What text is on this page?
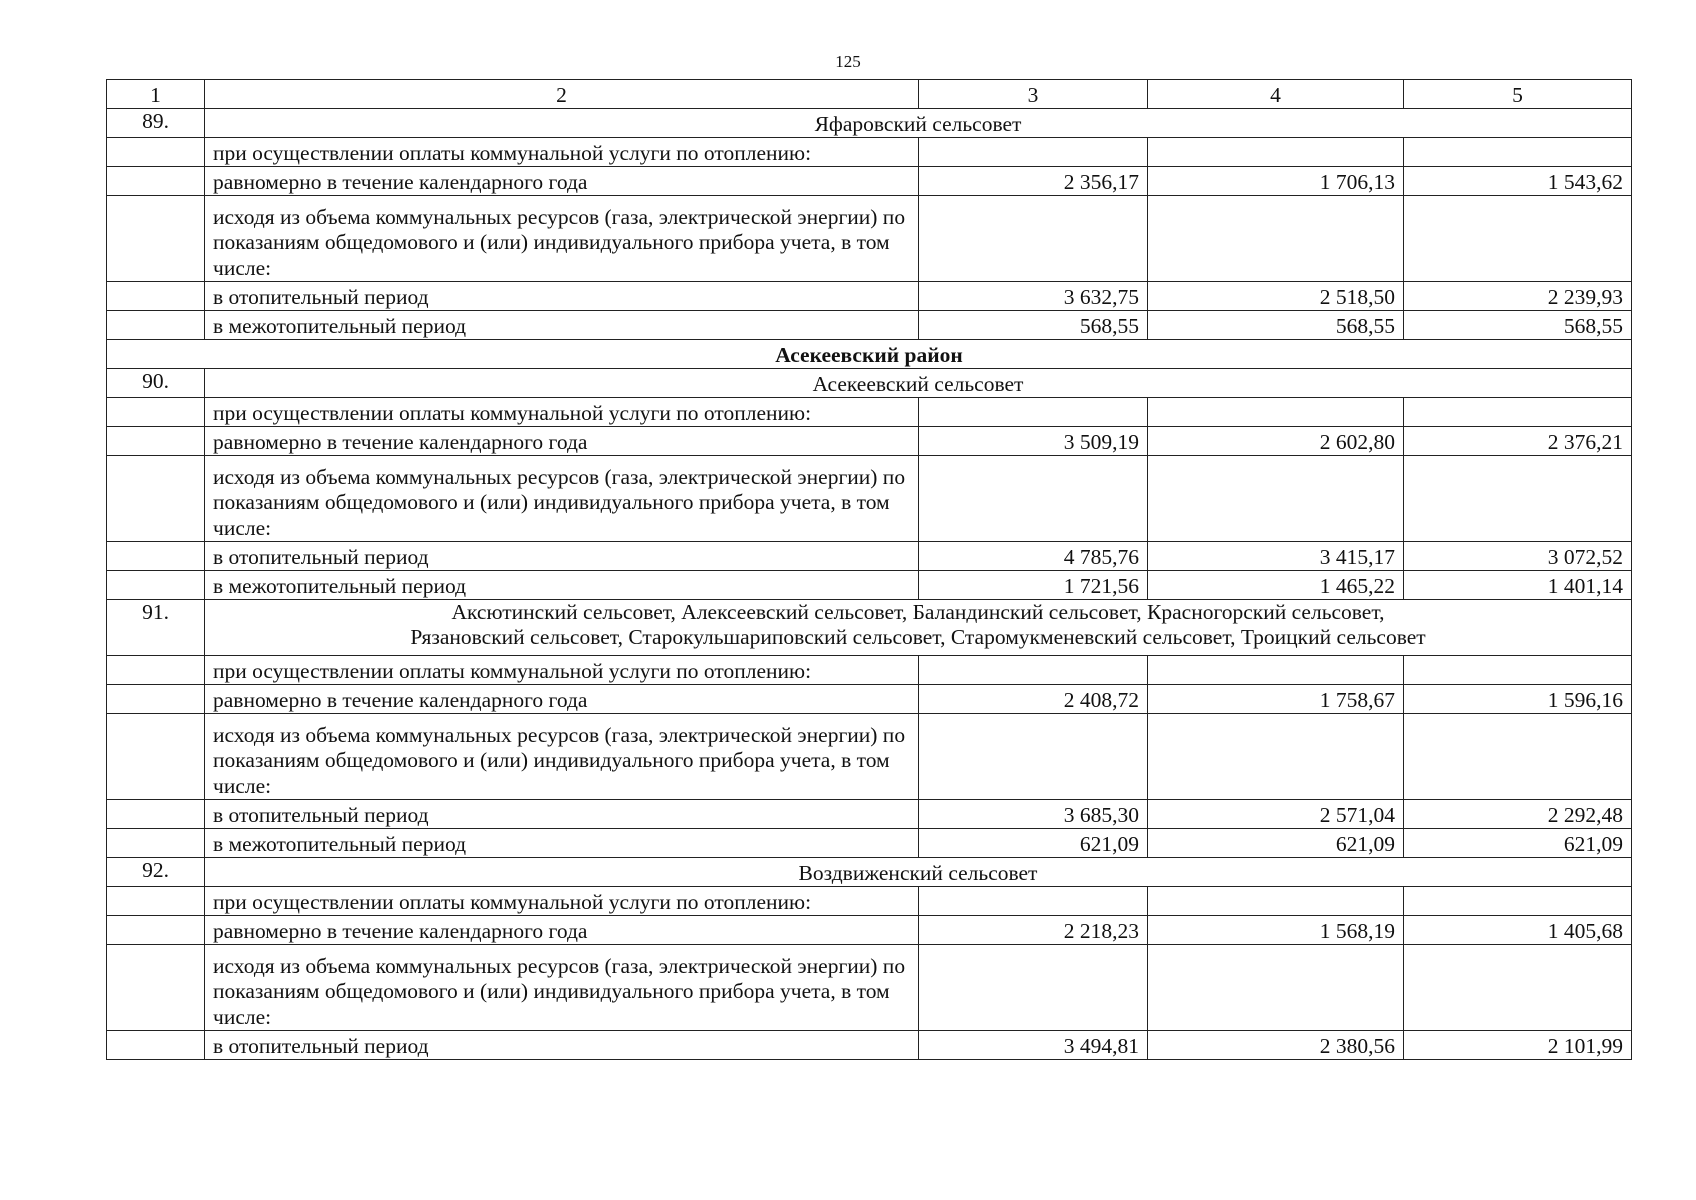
125
1	2	3	4	5
89.	Яфаровский сельсовет			
	при осуществлении оплаты коммунальной услуги по отоплению:			
	равномерно в течение календарного года	2 356,17	1 706,13	1 543,62
	исходя из объема коммунальных ресурсов (газа, электрической энергии) по показаниям общедомового и (или) индивидуального прибора учета, в том числе:			
	в отопительный период	3 632,75	2 518,50	2 239,93
	в межотопительный период	568,55	568,55	568,55
Асекеевский район				
90.	Асекеевский сельсовет			
	при осуществлении оплаты коммунальной услуги по отоплению:			
	равномерно в течение календарного года	3 509,19	2 602,80	2 376,21
	исходя из объема коммунальных ресурсов (газа, электрической энергии) по показаниям общедомового и (или) индивидуального прибора учета, в том числе:			
	в отопительный период	4 785,76	3 415,17	3 072,52
	в межотопительный период	1 721,56	1 465,22	1 401,14
91.	Аксютинский сельсовет, Алексеевский сельсовет, Баландинский сельсовет, Красногорский сельсовет,
Рязановский сельсовет, Старокульшариповский сельсовет, Старомукменевский сельсовет, Троицкий сельсовет			

	при осуществлении оплаты коммунальной услуги по отоплению:			
	равномерно в течение календарного года	2 408,72	1 758,67	1 596,16
	исходя из объема коммунальных ресурсов (газа, электрической энергии) по показаниям общедомового и (или) индивидуального прибора учета, в том числе:			
	в отопительный период	3 685,30	2 571,04	2 292,48
	в межотопительный период	621,09	621,09	621,09
92.	Воздвиженский сельсовет			
	при осуществлении оплаты коммунальной услуги по отоплению:			
	равномерно в течение календарного года	2 218,23	1 568,19	1 405,68
	исходя из объема коммунальных ресурсов (газа, электрической энергии) по показаниям общедомового и (или) индивидуального прибора учета, в том числе:			
	в отопительный период	3 494,81	2 380,56	2 101,99
